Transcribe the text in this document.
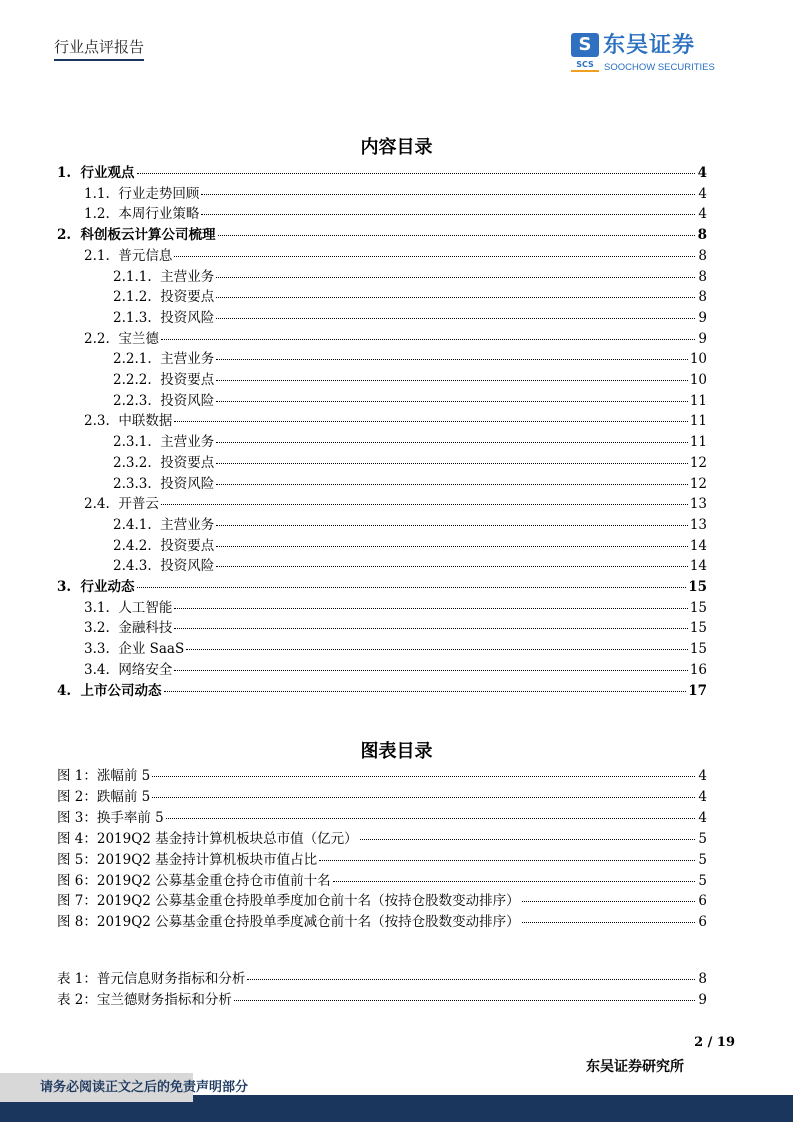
行业点评报告	S
SCS
东吴证券
SOOCHOW SECURITIES
内容目录
1.  行业观点	4
1.1.  行业走势回顾	4
1.2.  本周行业策略	4
2.  科创板云计算公司梳理	8
2.1.  普元信息	8
2.1.1.  主营业务	8
2.1.2.  投资要点	8
2.1.3.  投资风险	9
2.2.  宝兰德	9
2.2.1.  主营业务	10
2.2.2.  投资要点	10
2.2.3.  投资风险	11
2.3.  中联数据	11
2.3.1.  主营业务	11
2.3.2.  投资要点	12
2.3.3.  投资风险	12
2.4.  开普云	13
2.4.1.  主营业务	13
2.4.2.  投资要点	14
2.4.3.  投资风险	14
3.  行业动态	15
3.1.  人工智能	15
3.2.  金融科技	15
3.3.  企业 SaaS	15
3.4.  网络安全	16
4.  上市公司动态	17
图表目录
图 1：涨幅前 5	4
图 2：跌幅前 5	4
图 3：换手率前 5	4
图 4：2019Q2 基金持计算机板块总市值（亿元）	5
图 5：2019Q2 基金持计算机板块市值占比	5
图 6：2019Q2 公募基金重仓持仓市值前十名	5
图 7：2019Q2 公募基金重仓持股单季度加仓前十名（按持仓股数变动排序）	6
图 8：2019Q2 公募基金重仓持股单季度减仓前十名（按持仓股数变动排序）	6
表 1：普元信息财务指标和分析	8
表 2：宝兰德财务指标和分析	9
2 / 19
东吴证券研究所
请务必阅读正文之后的免责声明部分
